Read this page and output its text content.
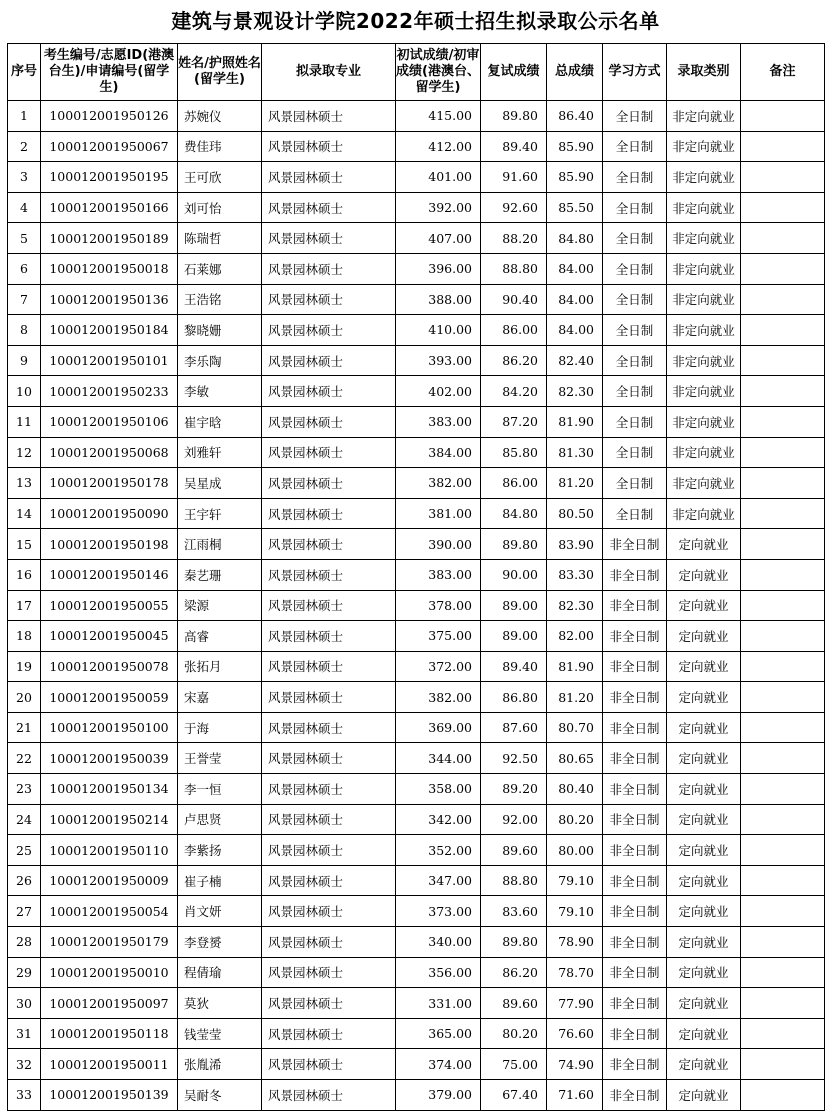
建筑与景观设计学院2022年硕士招生拟录取公示名单
序号	考生编号/志愿ID(港澳台生)/申请编号(留学生)	姓名/护照姓名(留学生)	拟录取专业	初试成绩/初审成绩(港澳台、留学生)	复试成绩	总成绩	学习方式	录取类别	备注
1	100012001950126	苏婉仪	风景园林硕士	415.00	89.80	86.40	全日制	非定向就业	
2	100012001950067	费佳玮	风景园林硕士	412.00	89.40	85.90	全日制	非定向就业	
3	100012001950195	王可欣	风景园林硕士	401.00	91.60	85.90	全日制	非定向就业	
4	100012001950166	刘可怡	风景园林硕士	392.00	92.60	85.50	全日制	非定向就业	
5	100012001950189	陈瑞哲	风景园林硕士	407.00	88.20	84.80	全日制	非定向就业	
6	100012001950018	石莱娜	风景园林硕士	396.00	88.80	84.00	全日制	非定向就业	
7	100012001950136	王浩铭	风景园林硕士	388.00	90.40	84.00	全日制	非定向就业	
8	100012001950184	黎晓姗	风景园林硕士	410.00	86.00	84.00	全日制	非定向就业	
9	100012001950101	李乐陶	风景园林硕士	393.00	86.20	82.40	全日制	非定向就业	
10	100012001950233	李敏	风景园林硕士	402.00	84.20	82.30	全日制	非定向就业	
11	100012001950106	崔宇晗	风景园林硕士	383.00	87.20	81.90	全日制	非定向就业	
12	100012001950068	刘雅轩	风景园林硕士	384.00	85.80	81.30	全日制	非定向就业	
13	100012001950178	吴星成	风景园林硕士	382.00	86.00	81.20	全日制	非定向就业	
14	100012001950090	王宇轩	风景园林硕士	381.00	84.80	80.50	全日制	非定向就业	
15	100012001950198	江雨桐	风景园林硕士	390.00	89.80	83.90	非全日制	定向就业	
16	100012001950146	秦艺珊	风景园林硕士	383.00	90.00	83.30	非全日制	定向就业	
17	100012001950055	梁源	风景园林硕士	378.00	89.00	82.30	非全日制	定向就业	
18	100012001950045	高睿	风景园林硕士	375.00	89.00	82.00	非全日制	定向就业	
19	100012001950078	张拓月	风景园林硕士	372.00	89.40	81.90	非全日制	定向就业	
20	100012001950059	宋嘉	风景园林硕士	382.00	86.80	81.20	非全日制	定向就业	
21	100012001950100	于海	风景园林硕士	369.00	87.60	80.70	非全日制	定向就业	
22	100012001950039	王誉莹	风景园林硕士	344.00	92.50	80.65	非全日制	定向就业	
23	100012001950134	李一恒	风景园林硕士	358.00	89.20	80.40	非全日制	定向就业	
24	100012001950214	卢思贤	风景园林硕士	342.00	92.00	80.20	非全日制	定向就业	
25	100012001950110	李紫扬	风景园林硕士	352.00	89.60	80.00	非全日制	定向就业	
26	100012001950009	崔子楠	风景园林硕士	347.00	88.80	79.10	非全日制	定向就业	
27	100012001950054	肖文妍	风景园林硕士	373.00	83.60	79.10	非全日制	定向就业	
28	100012001950179	李登赟	风景园林硕士	340.00	89.80	78.90	非全日制	定向就业	
29	100012001950010	程倩瑜	风景园林硕士	356.00	86.20	78.70	非全日制	定向就业	
30	100012001950097	莫狄	风景园林硕士	331.00	89.60	77.90	非全日制	定向就业	
31	100012001950118	钱莹莹	风景园林硕士	365.00	80.20	76.60	非全日制	定向就业	
32	100012001950011	张胤浠	风景园林硕士	374.00	75.00	74.90	非全日制	定向就业	
33	100012001950139	吴耐冬	风景园林硕士	379.00	67.40	71.60	非全日制	定向就业	
